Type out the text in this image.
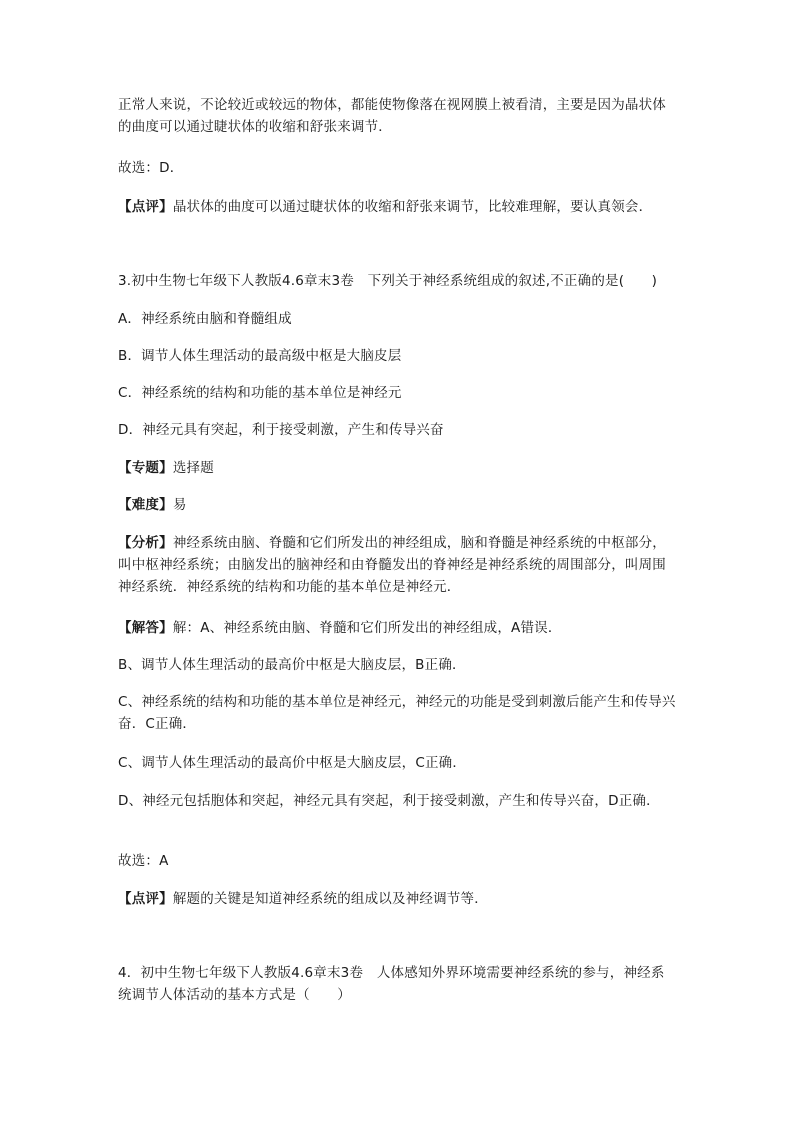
正常人来说，不论较近或较远的物体，都能使物像落在视网膜上被看清，主要是因为晶状体的曲度可以通过睫状体的收缩和舒张来调节．
故选：D．
【点评】晶状体的曲度可以通过睫状体的收缩和舒张来调节，比较难理解，要认真领会．
3.初中生物七年级下人教版4.6章末3卷　下列关于神经系统组成的叙述,不正确的是(　　)
A．神经系统由脑和脊髓组成
B．调节人体生理活动的最高级中枢是大脑皮层
C．神经系统的结构和功能的基本单位是神经元
D．神经元具有突起，利于接受刺激，产生和传导兴奋
【专题】选择题
【难度】易
【分析】神经系统由脑、脊髓和它们所发出的神经组成，脑和脊髓是神经系统的中枢部分，叫中枢神经系统；由脑发出的脑神经和由脊髓发出的脊神经是神经系统的周围部分，叫周围神经系统．神经系统的结构和功能的基本单位是神经元．
【解答】解：A、神经系统由脑、脊髓和它们所发出的神经组成，A错误．
B、调节人体生理活动的最高价中枢是大脑皮层，B正确．
C、神经系统的结构和功能的基本单位是神经元，神经元的功能是受到刺激后能产生和传导兴奋．C正确．
C、调节人体生理活动的最高价中枢是大脑皮层，C正确．
D、神经元包括胞体和突起，神经元具有突起，利于接受刺激，产生和传导兴奋，D正确．
故选：A
【点评】解题的关键是知道神经系统的组成以及神经调节等．
4．初中生物七年级下人教版4.6章末3卷　人体感知外界环境需要神经系统的参与，神经系统调节人体活动的基本方式是（　　）
